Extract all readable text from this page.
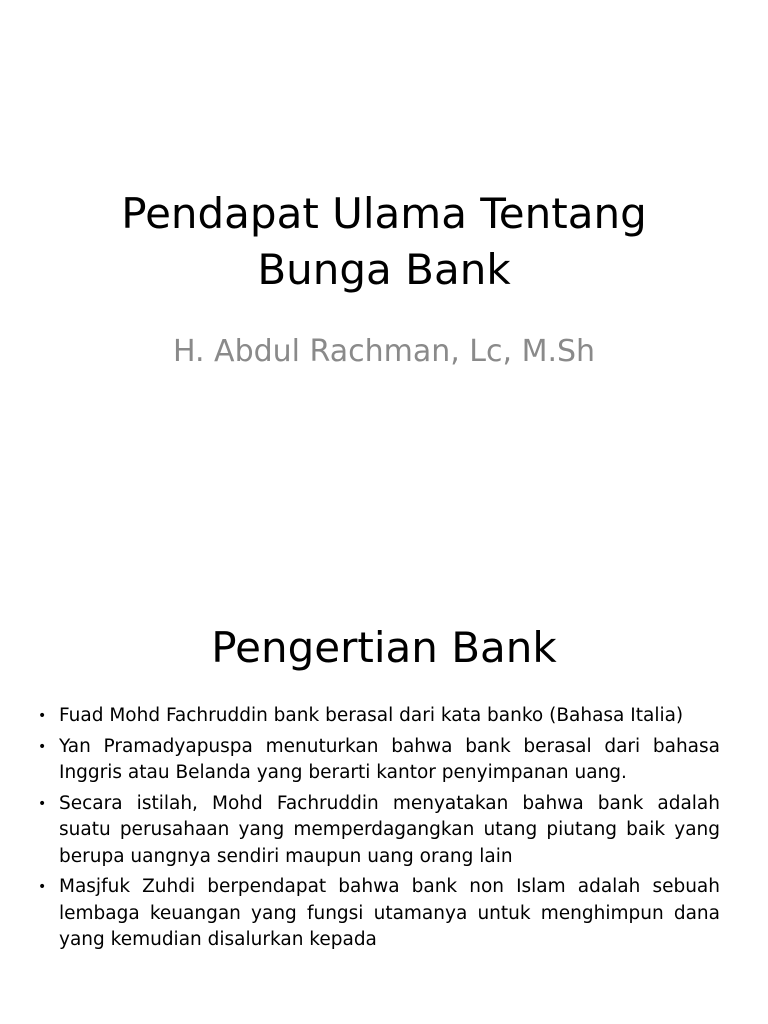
Pendapat Ulama Tentang
Bunga Bank

H. Abdul Rachman, Lc, M.Sh

Pengertian Bank
• Fuad Mohd Fachruddin bank berasal dari kata banko (Bahasa Italia)
• Yan Pramadyapuspa menuturkan bahwa bank berasal dari bahasa Inggris atau Belanda yang berarti kantor penyimpanan uang.
• Secara istilah, Mohd Fachruddin menyatakan bahwa bank adalah suatu perusahaan yang memperdagangkan utang piutang baik yang berupa uangnya sendiri maupun uang orang lain
• Masjfuk Zuhdi berpendapat bahwa bank non Islam adalah sebuah lembaga keuangan yang fungsi utamanya untuk menghimpun dana yang kemudian disalurkan kepada
